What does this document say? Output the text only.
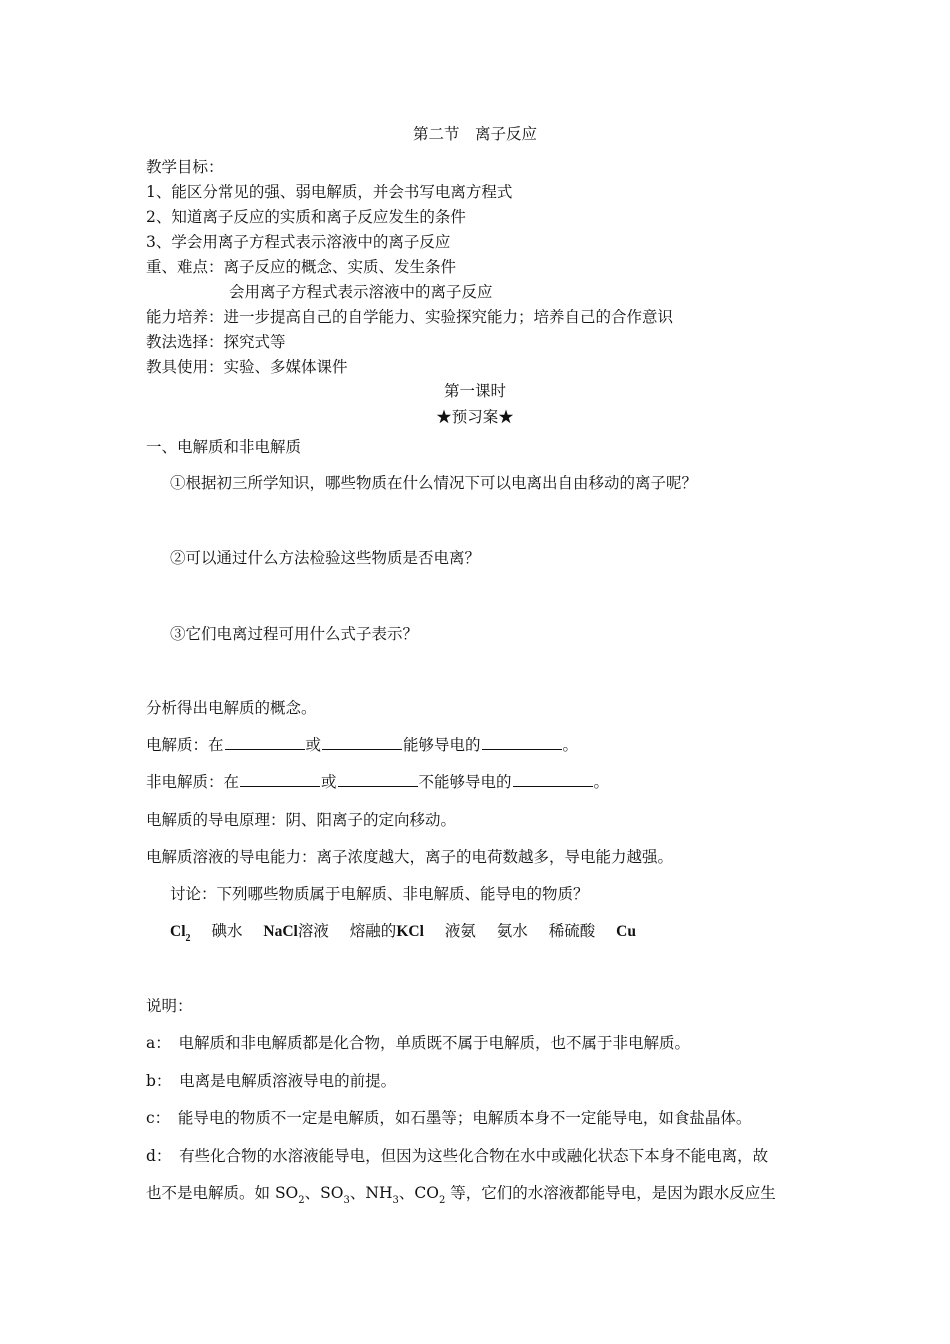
第二节　离子反应
教学目标：
1、能区分常见的强、弱电解质，并会书写电离方程式
2、知道离子反应的实质和离子反应发生的条件
3、学会用离子方程式表示溶液中的离子反应
重、难点：离子反应的概念、实质、发生条件
会用离子方程式表示溶液中的离子反应
能力培养：进一步提高自己的自学能力、实验探究能力；培养自己的合作意识
教法选择：探究式等
教具使用：实验、多媒体课件
第一课时
★预习案★
一、电解质和非电解质
①根据初三所学知识，哪些物质在什么情况下可以电离出自由移动的离子呢？
②可以通过什么方法检验这些物质是否电离？
③它们电离过程可用什么式子表示？
分析得出电解质的概念。
电解质：在	或	能够导电的	。
非电解质：在	或	不能够导电的	。
电解质的导电原理：阴、阳离子的定向移动。
电解质溶液的导电能力：离子浓度越大，离子的电荷数越多，导电能力越强。
讨论：下列哪些物质属于电解质、非电解质、能导电的物质？
$Cl_2$ 碘水 NaCl溶液 熔融的KCl 液氨 氨水 稀硫酸 Cu
说明：
a：　电解质和非电解质都是化合物，单质既不属于电解质，也不属于非电解质。
b：　电离是电解质溶液导电的前提。
c：　能导电的物质不一定是电解质，如石墨等；电解质本身不一定能导电，如食盐晶体。
d：　有些化合物的水溶液能导电，但因为这些化合物在水中或融化状态下本身不能电离，故
也不是电解质。如 $SO_2$、$SO_3$、$NH_3$、$CO_2$ 等，它们的水溶液都能导电，是因为跟水反应生
